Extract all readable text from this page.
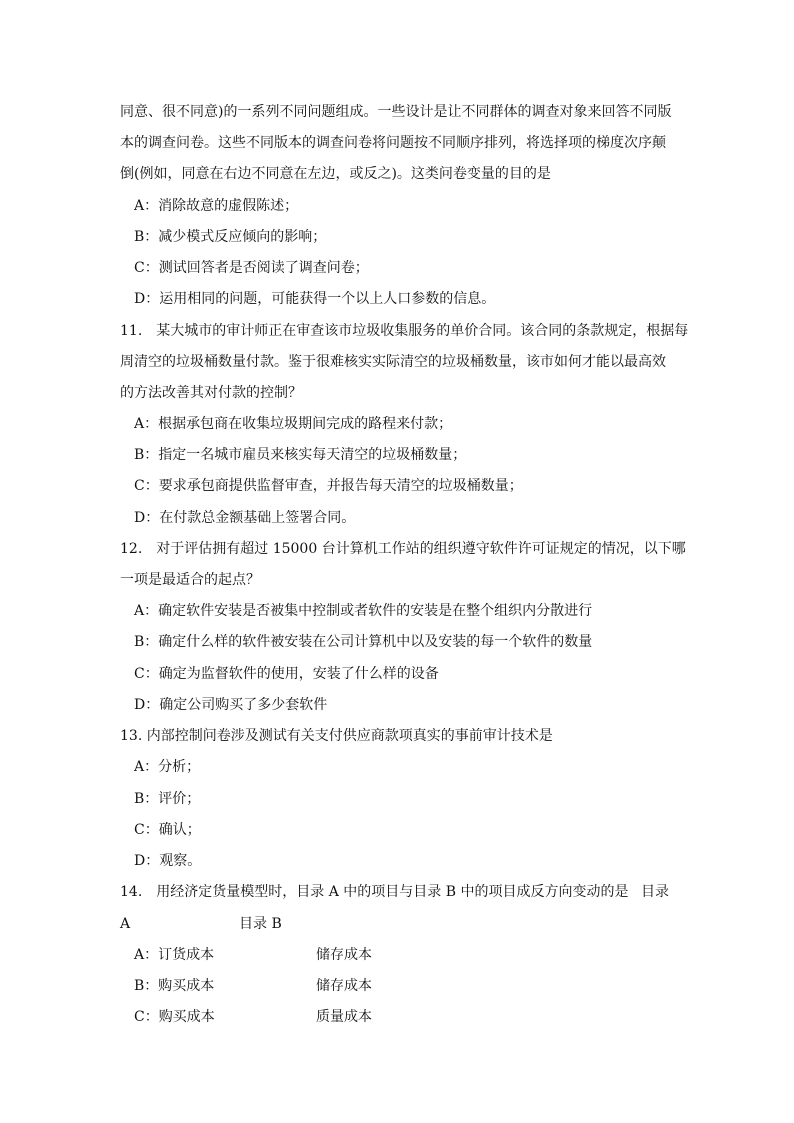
同意、很不同意)的一系列不同问题组成。一些设计是让不同群体的调查对象来回答不同版
本的调查问卷。这些不同版本的调查问卷将问题按不同顺序排列，将选择项的梯度次序颠
倒(例如，同意在右边不同意在左边，或反之)。这类问卷变量的目的是
A：消除故意的虚假陈述；
B：减少模式反应倾向的影响；
C：测试回答者是否阅读了调查问卷；
D：运用相同的问题，可能获得一个以上人口参数的信息。
11.　某大城市的审计师正在审查该市垃圾收集服务的单价合同。该合同的条款规定，根据每
周清空的垃圾桶数量付款。鉴于很难核实实际清空的垃圾桶数量，该市如何才能以最高效
的方法改善其对付款的控制？
A：根据承包商在收集垃圾期间完成的路程来付款；
B：指定一名城市雇员来核实每天清空的垃圾桶数量；
C：要求承包商提供监督审查，并报告每天清空的垃圾桶数量；
D：在付款总金额基础上签署合同。
12.　对于评估拥有超过 15000 台计算机工作站的组织遵守软件许可证规定的情况，以下哪
一项是最适合的起点？
A：确定软件安装是否被集中控制或者软件的安装是在整个组织内分散进行
B：确定什么样的软件被安装在公司计算机中以及安装的每一个软件的数量
C：确定为监督软件的使用，安装了什么样的设备
D：确定公司购买了多少套软件
13. 内部控制问卷涉及测试有关支付供应商款项真实的事前审计技术是
A：分析；
B：评价；
C：确认；
D：观察。
14.　用经济定货量模型时，目录 A 中的项目与目录 B 中的项目成反方向变动的是 目录
A	目录 B
A：订货成本	储存成本
B：购买成本	储存成本
C：购买成本	质量成本
